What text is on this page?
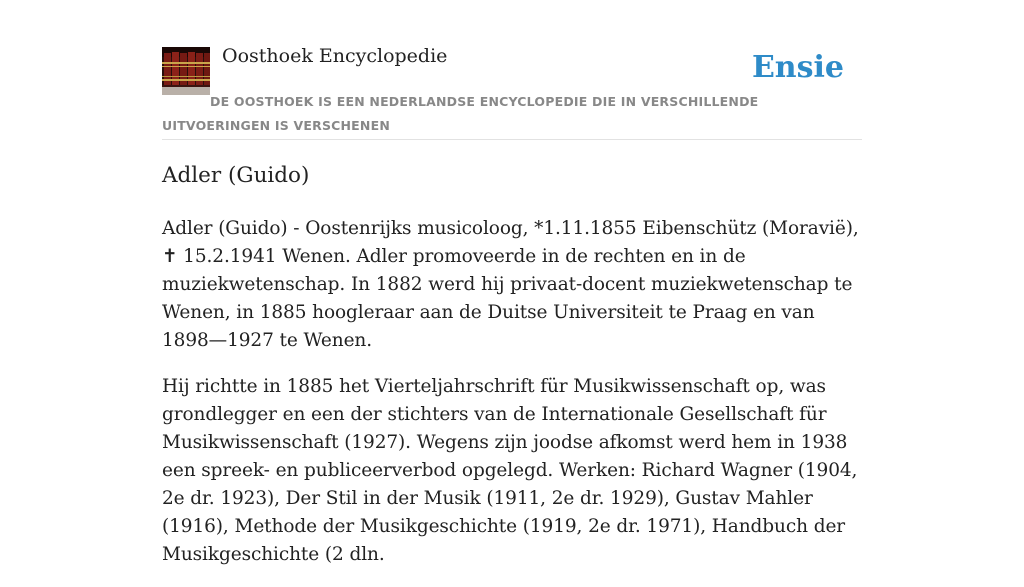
Oosthoek Encyclopedie	Ensie
DE OOSTHOEK IS EEN NEDERLANDSE ENCYCLOPEDIE DIE IN VERSCHILLENDE UITVOERINGEN IS VERSCHENEN
Adler (Guido)

Adler (Guido) - Oostenrijks musicoloog, *1.11.1855 Eibenschütz (Moravië), ✝ 15.2.1941 Wenen. Adler promoveerde in de rechten en in de muziekwetenschap. In 1882 werd hij privaat-docent muziekwetenschap te Wenen, in 1885 hoogleraar aan de Duitse Universiteit te Praag en van 1898—1927 te Wenen.

Hij richtte in 1885 het Vierteljahrschrift für Musikwissenschaft op, was grondlegger en een der stichters van de Internationale Gesellschaft für Musikwissenschaft (1927). Wegens zijn joodse afkomst werd hem in 1938 een spreek- en publiceerverbod opgelegd. Werken: Richard Wagner (1904, 2e dr. 1923), Der Stil in der Musik (1911, 2e dr. 1929), Gustav Mahler (1916), Methode der Musikgeschichte (1919, 2e dr. 1971), Handbuch der Musikgeschichte (2 dln.
